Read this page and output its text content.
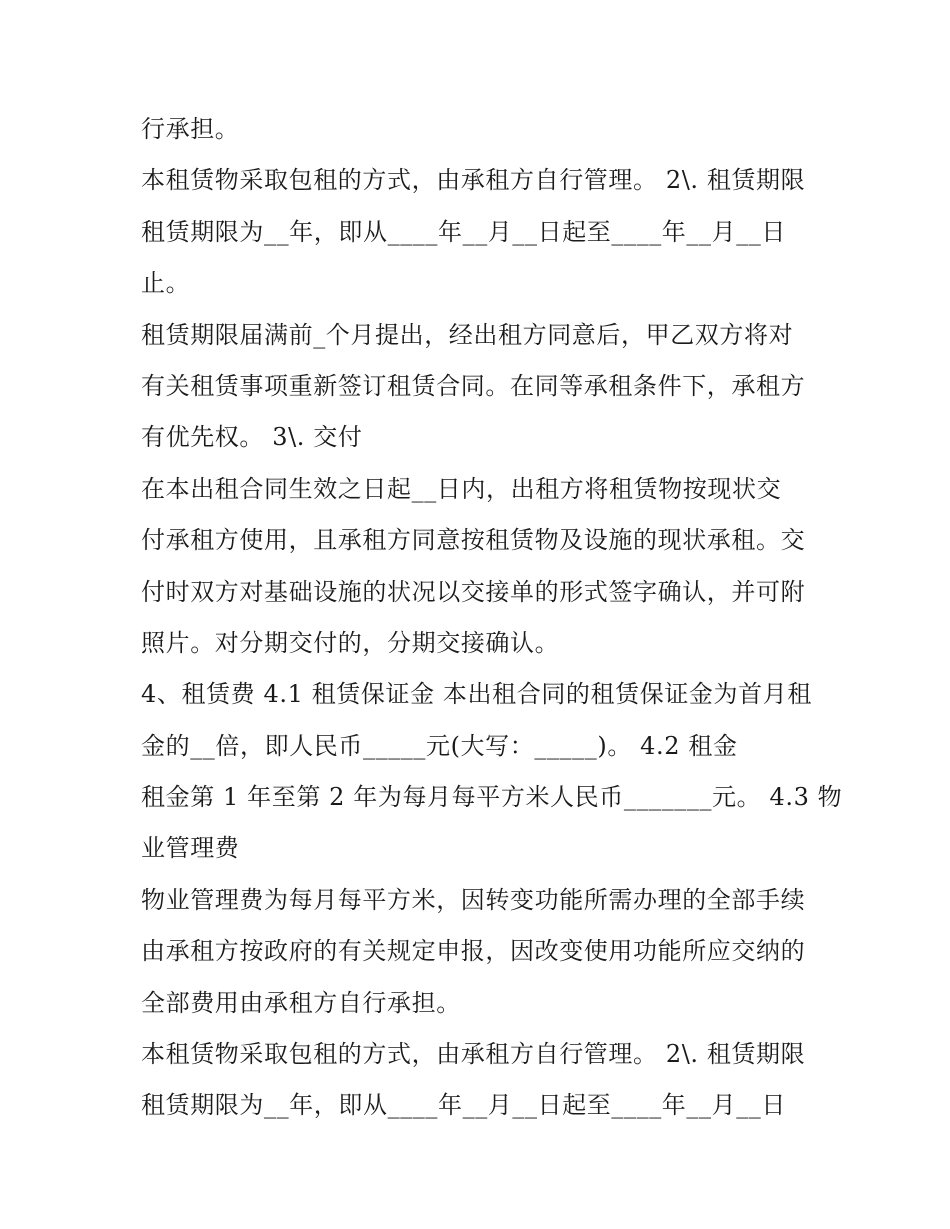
行承担。
本租赁物采取包租的方式，由承租方自行管理。 2\. 租赁期限
租赁期限为__年，即从____年__月__日起至____年__月__日
止。
租赁期限届满前_个月提出，经出租方同意后，甲乙双方将对
有关租赁事项重新签订租赁合同。在同等承租条件下，承租方
有优先权。 3\. 交付
在本出租合同生效之日起__日内，出租方将租赁物按现状交
付承租方使用，且承租方同意按租赁物及设施的现状承租。交
付时双方对基础设施的状况以交接单的形式签字确认，并可附
照片。对分期交付的，分期交接确认。
4、租赁费 4.1 租赁保证金 本出租合同的租赁保证金为首月租
金的__倍，即人民币_____元(大写：_____)。 4.2 租金
租金第 1 年至第 2 年为每月每平方米人民币_______元。 4.3 物
业管理费
物业管理费为每月每平方米，因转变功能所需办理的全部手续
由承租方按政府的有关规定申报，因改变使用功能所应交纳的
全部费用由承租方自行承担。
本租赁物采取包租的方式，由承租方自行管理。 2\. 租赁期限
租赁期限为__年，即从____年__月__日起至____年__月__日
